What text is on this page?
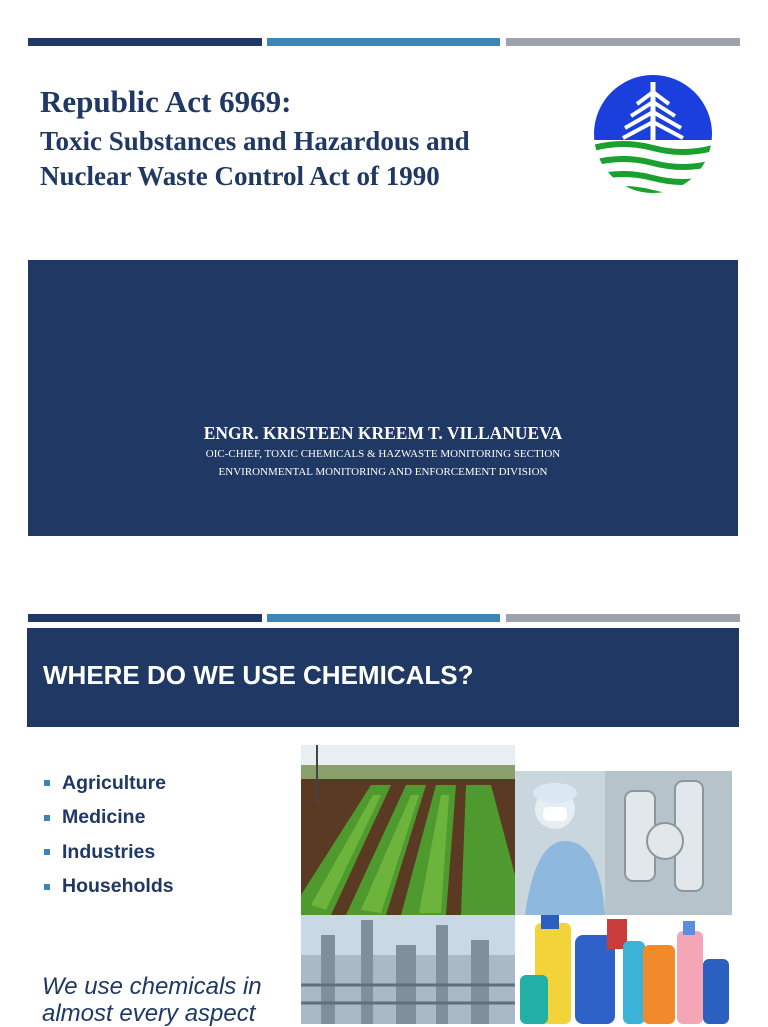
Republic Act 6969:
Toxic Substances and Hazardous and Nuclear Waste Control Act of 1990
ENGR. KRISTEEN KREEM T. VILLANUEVA
OIC-CHIEF, TOXIC CHEMICALS & HAZWASTE MONITORING SECTION
ENVIRONMENTAL MONITORING AND ENFORCEMENT DIVISION
WHERE DO WE USE CHEMICALS?
Agriculture
Medicine
Industries
Households

We use chemicals in almost every aspect
